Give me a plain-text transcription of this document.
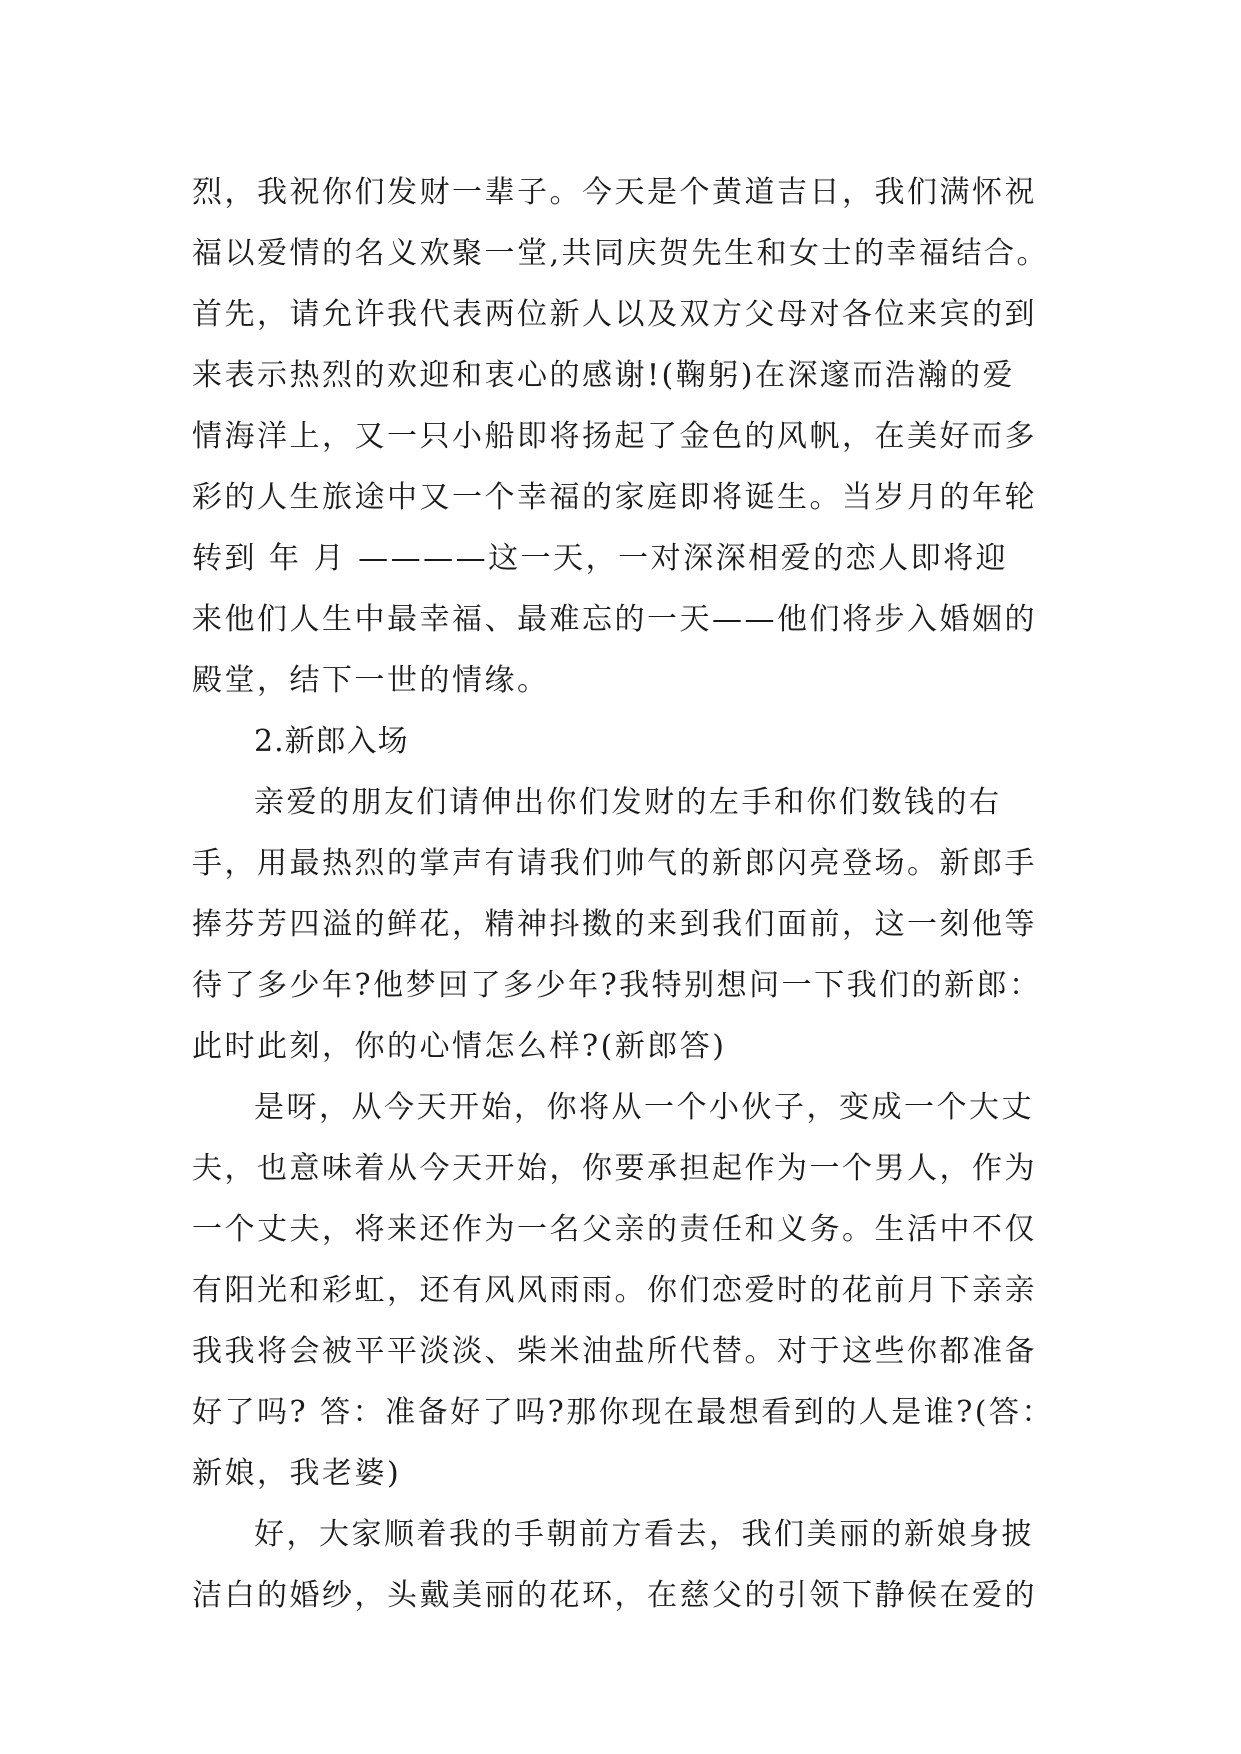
烈，我祝你们发财一辈子。今天是个黄道吉日，我们满怀祝
福以爱情的名义欢聚一堂,共同庆贺先生和女士的幸福结合。
首先，请允许我代表两位新人以及双方父母对各位来宾的到
来表示热烈的欢迎和衷心的感谢!(鞠躬)在深邃而浩瀚的爱
情海洋上，又一只小船即将扬起了金色的风帆，在美好而多
彩的人生旅途中又一个幸福的家庭即将诞生。当岁月的年轮
转到 年 月 ————这一天，一对深深相爱的恋人即将迎
来他们人生中最幸福、最难忘的一天——他们将步入婚姻的
殿堂，结下一世的情缘。
2.新郎入场
亲爱的朋友们请伸出你们发财的左手和你们数钱的右
手，用最热烈的掌声有请我们帅气的新郎闪亮登场。新郎手
捧芬芳四溢的鲜花，精神抖擞的来到我们面前，这一刻他等
待了多少年?他梦回了多少年?我特别想问一下我们的新郎：
此时此刻，你的心情怎么样?(新郎答)
是呀，从今天开始，你将从一个小伙子，变成一个大丈
夫，也意味着从今天开始，你要承担起作为一个男人，作为
一个丈夫，将来还作为一名父亲的责任和义务。生活中不仅
有阳光和彩虹，还有风风雨雨。你们恋爱时的花前月下亲亲
我我将会被平平淡淡、柴米油盐所代替。对于这些你都准备
好了吗? 答：准备好了吗?那你现在最想看到的人是谁?(答：
新娘，我老婆)
好，大家顺着我的手朝前方看去，我们美丽的新娘身披
洁白的婚纱，头戴美丽的花环，在慈父的引领下静候在爱的
